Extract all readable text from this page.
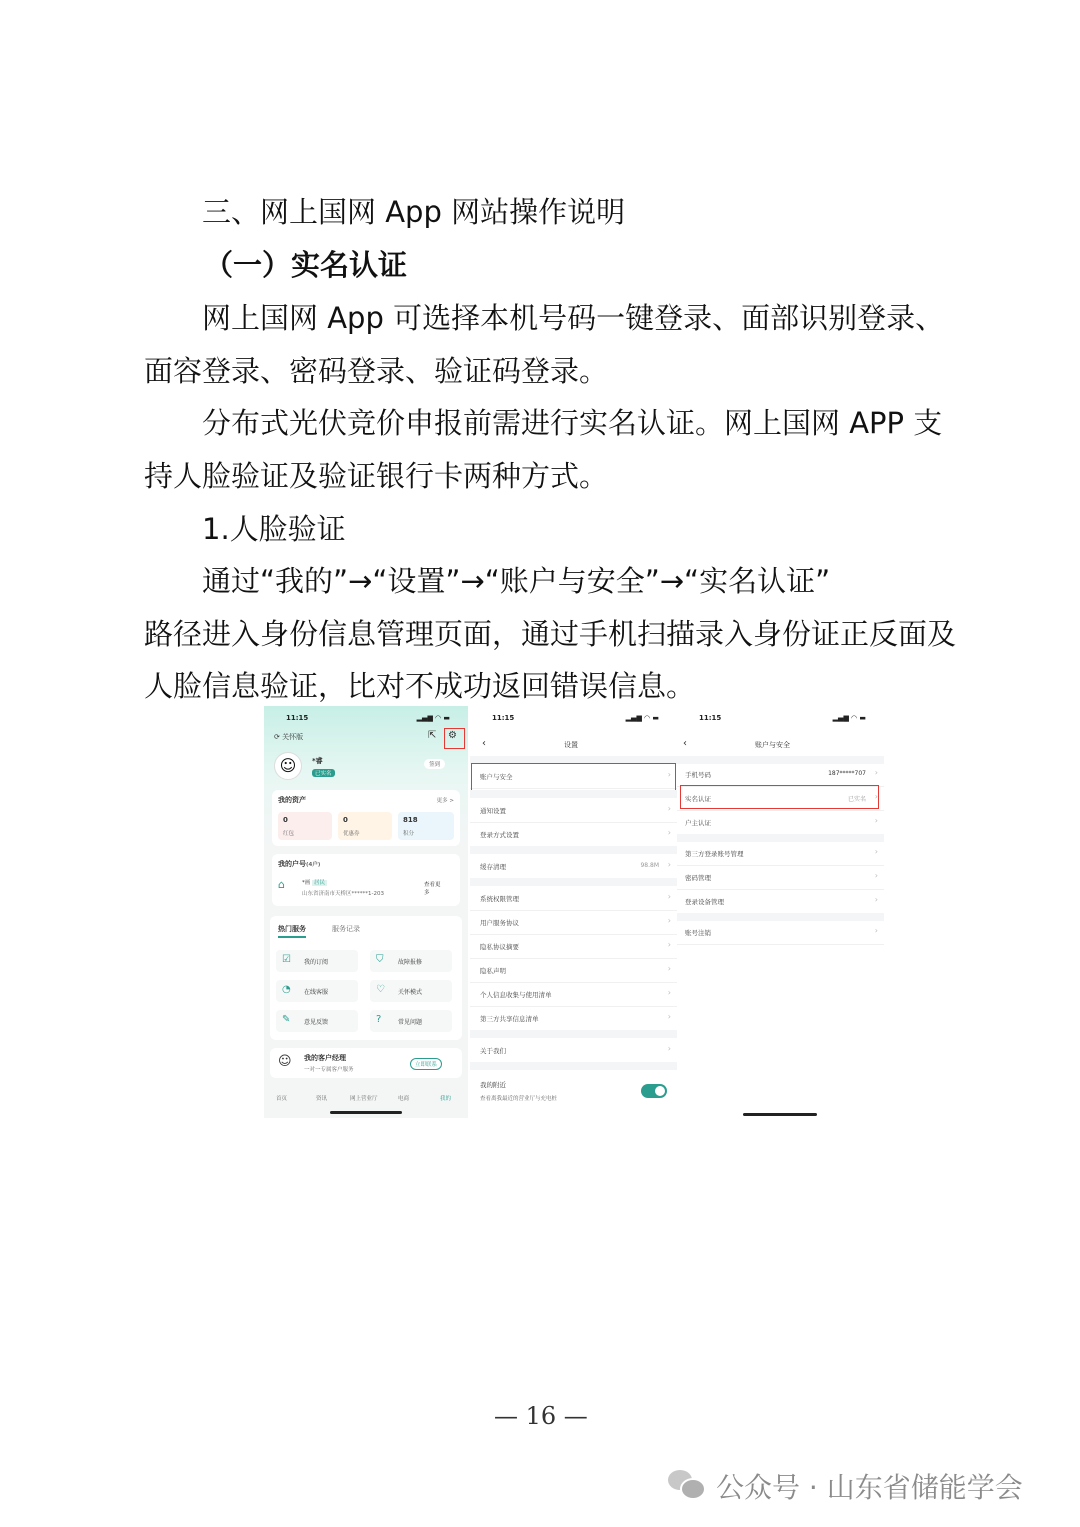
三、网上国网 App 网站操作说明
（一）实名认证
网上国网 App 可选择本机号码一键登录、面部识别登录、
面容登录、密码登录、验证码登录。
分布式光伏竞价申报前需进行实名认证。网上国网 APP 支
持人脸验证及验证银行卡两种方式。
1.人脸验证
通过“我的”→“设置”→“账户与安全”→“实名认证”
路径进入身份信息管理页面，通过手机扫描录入身份证正反面及
人脸信息验证，比对不成功返回错误信息。
11:15	▂▄▆ ◠ ▬
⟳ 关怀版	⇱ ⚙
☺	*睿
已实名
签到
我的资产	更多 >
0
红包
0
优惠券
818
积分
我的户号(4户)
⌂	*画 居民
山东省济南市天桥区******1-203
查看更多
热门服务	服务记录
☑ 我的订阅	⛉ 故障报修
◔ 在线客服	♡ 关怀模式
✎ 意见反馈	?	常见问题
☺ 我的客户经理
一对一专属客户服务
立即联系
首页	资讯	网上营业厅	电商	我的
11:15	▂▄▆ ◠ ▬
‹	设置
账户与安全	›
通知设置	›
登录方式设置	›
缓存清理	98.8M ›
系统权限管理	›
用户服务协议	›
隐私协议摘要	›
隐私声明	›
个人信息收集与使用清单	›
第三方共享信息清单	›
关于我们	›
我的附近
查看离我最近的营业厅与充电桩
11:15	▂▄▆ ◠ ▬
‹	账户与安全
手机号码	187*****707 ›
实名认证	已实名 ›
户主认证	›
第三方登录账号管理	›
密码管理	›
登录设备管理	›
账号注销	›
— 16 —
公众号 · 山东省储能学会
